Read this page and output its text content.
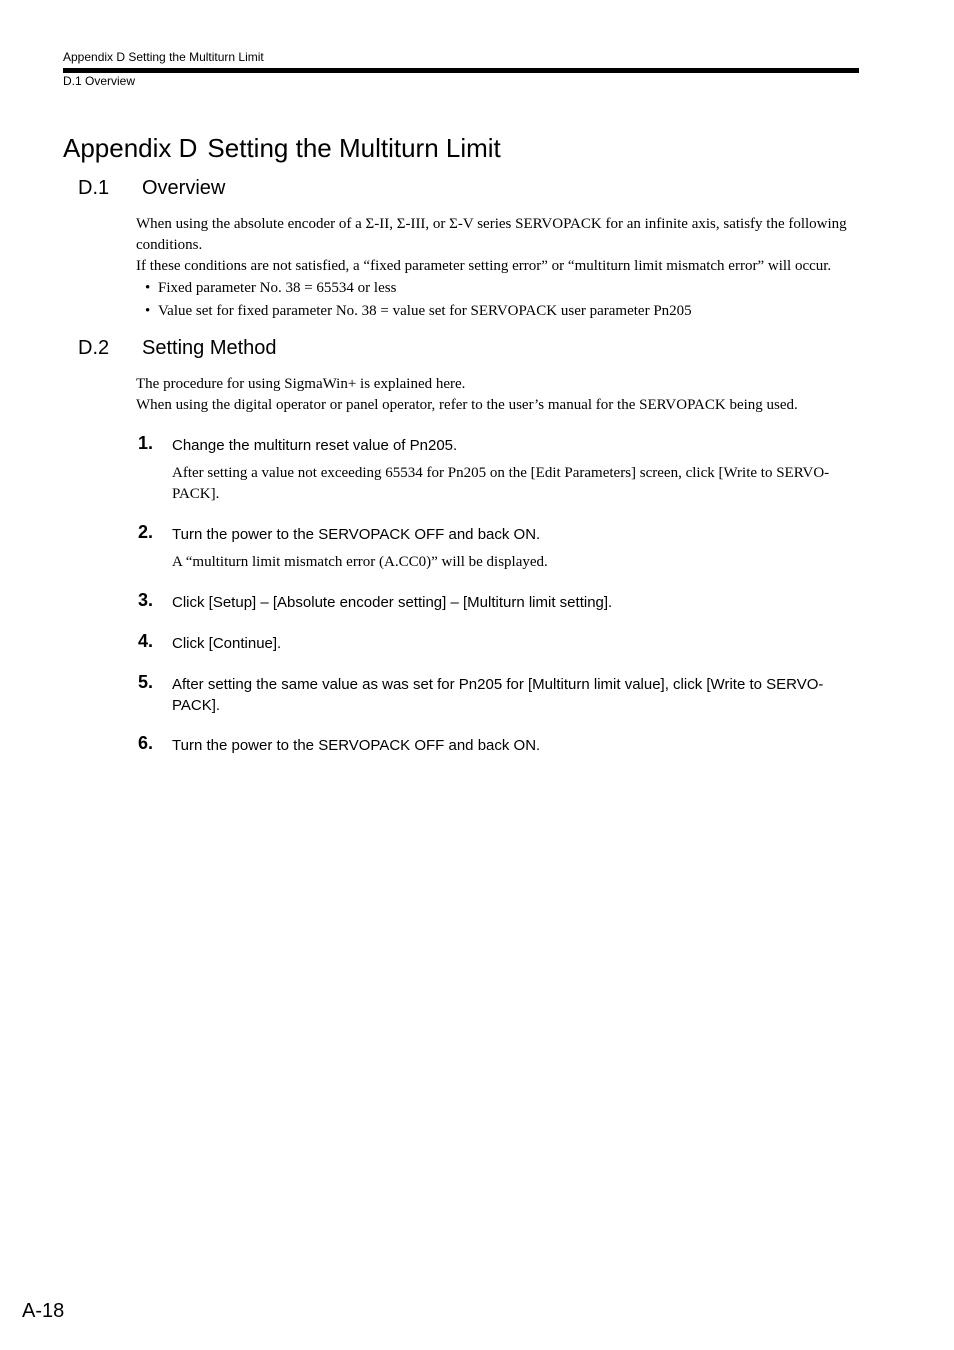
Appendix D Setting the Multiturn Limit
D.1 Overview
Appendix D Setting the Multiturn Limit
D.1 Overview
When using the absolute encoder of a Σ-II, Σ-III, or Σ-V series SERVOPACK for an infinite axis, satisfy the following conditions.
If these conditions are not satisfied, a “fixed parameter setting error” or “multiturn limit mismatch error” will occur.
• Fixed parameter No. 38 = 65534 or less
• Value set for fixed parameter No. 38 = value set for SERVOPACK user parameter Pn205
D.2 Setting Method
The procedure for using SigmaWin+ is explained here.
When using the digital operator or panel operator, refer to the user’s manual for the SERVOPACK being used.
1. Change the multiturn reset value of Pn205.
After setting a value not exceeding 65534 for Pn205 on the [Edit Parameters] screen, click [Write to SERVO-PACK].
2. Turn the power to the SERVOPACK OFF and back ON.
A “multiturn limit mismatch error (A.CC0)” will be displayed.
3. Click [Setup] – [Absolute encoder setting] – [Multiturn limit setting].
4. Click [Continue].
5. After setting the same value as was set for Pn205 for [Multiturn limit value], click [Write to SERVO-PACK].
6. Turn the power to the SERVOPACK OFF and back ON.
A-18
